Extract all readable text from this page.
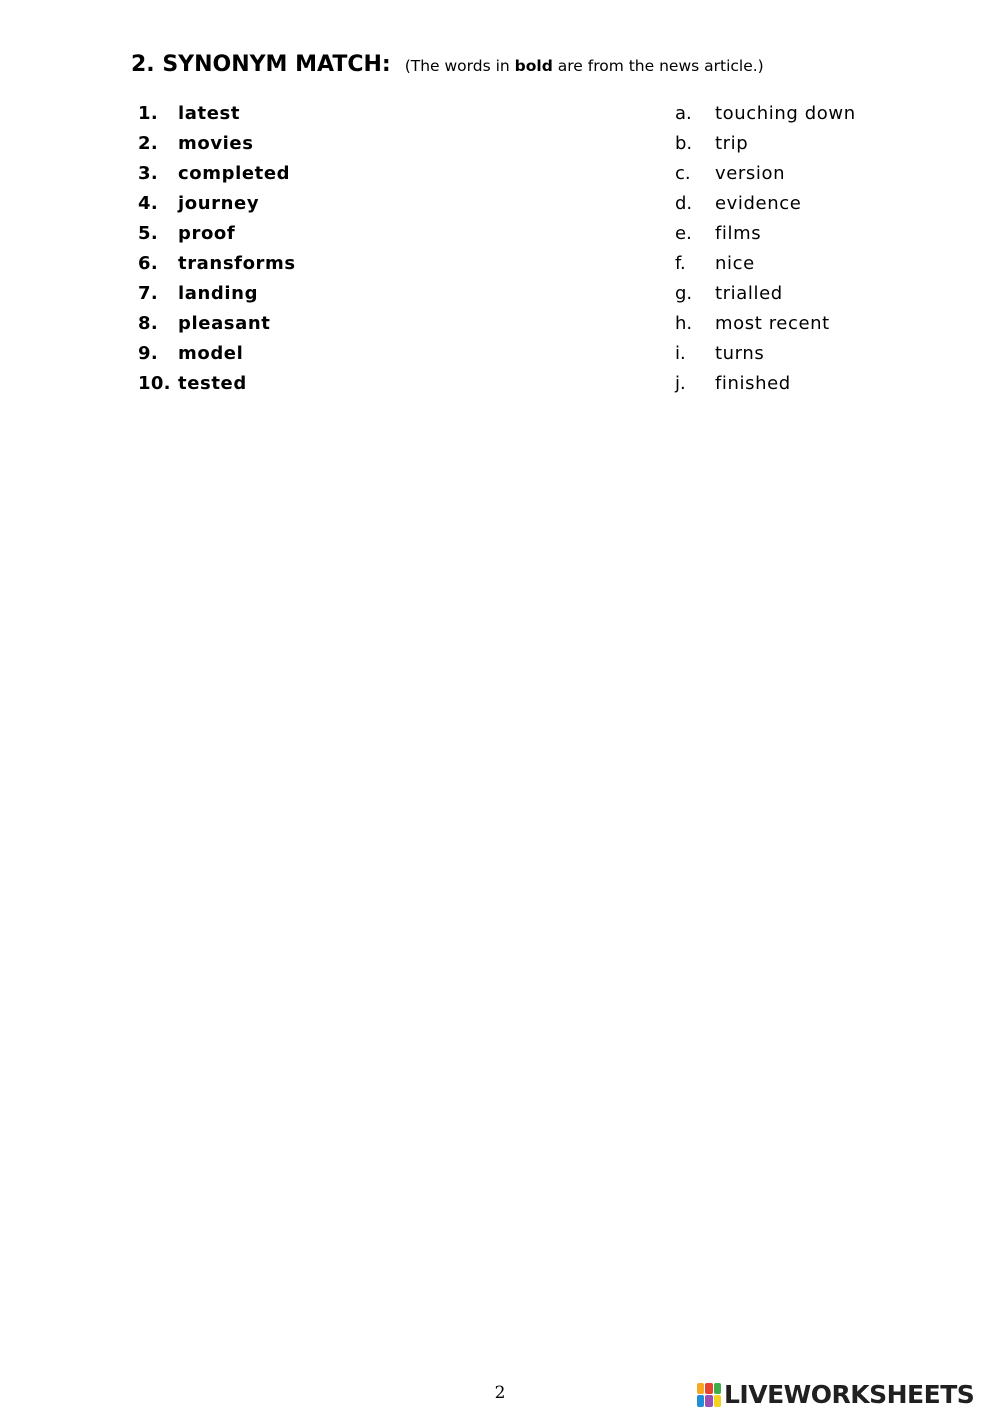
2. SYNONYM MATCH: (The words in bold are from the news article.)
1.	latest
2.	movies
3.	completed
4.	journey
5.	proof
6.	transforms
7.	landing
8.	pleasant
9.	model
10. tested
a.	touching down
b.	trip
c.	version
d.	evidence
e.	films
f.	nice
g.	trialled
h.	most recent
i.	turns
j.	finished
2	LIVEWORKSHEETS
